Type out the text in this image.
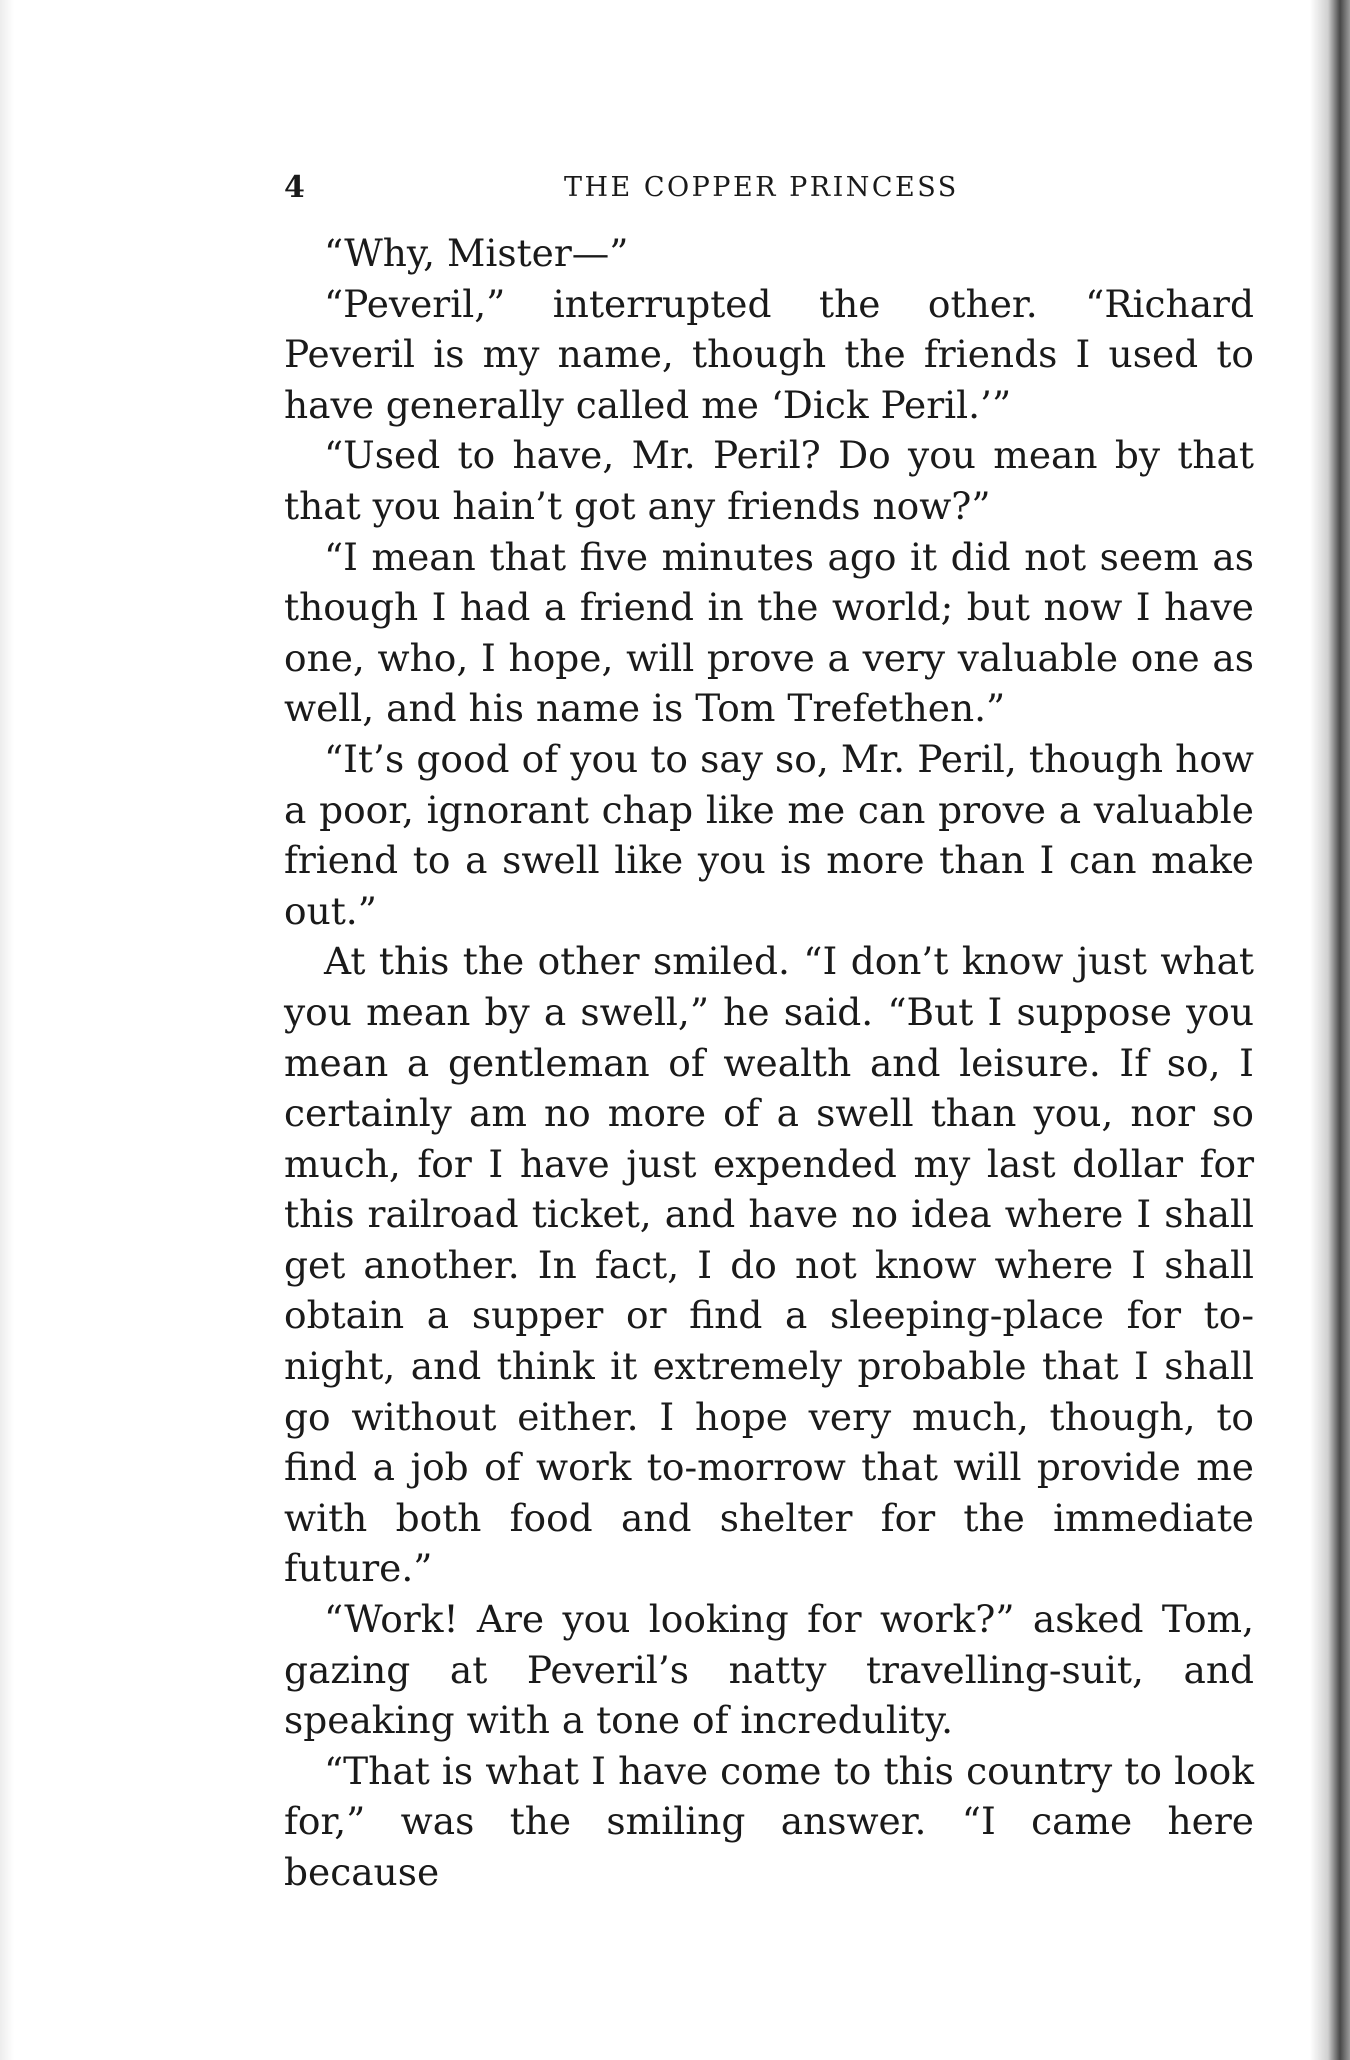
4	THE COPPER PRINCESS

“Why, Mister—”

“Peveril,” interrupted the other. “Richard Peveril is my name, though the friends I used to have generally called me ‘Dick Peril.’”

“Used to have, Mr. Peril? Do you mean by that that you hain’t got any friends now?”

“I mean that five minutes ago it did not seem as though I had a friend in the world; but now I have one, who, I hope, will prove a very valuable one as well, and his name is Tom Trefethen.”

“It’s good of you to say so, Mr. Peril, though how a poor, ignorant chap like me can prove a valuable friend to a swell like you is more than I can make out.”

At this the other smiled. “I don’t know just what you mean by a swell,” he said. “But I suppose you mean a gentleman of wealth and leisure. If so, I certainly am no more of a swell than you, nor so much, for I have just expended my last dollar for this railroad ticket, and have no idea where I shall get another. In fact, I do not know where I shall obtain a supper or find a sleeping-place for to-night, and think it extremely probable that I shall go without either. I hope very much, though, to find a job of work to-morrow that will provide me with both food and shelter for the immediate future.”

“Work! Are you looking for work?” asked Tom, gazing at Peveril’s natty travelling-suit, and speaking with a tone of incredulity.

“That is what I have come to this country to look for,” was the smiling answer. “I came here because
